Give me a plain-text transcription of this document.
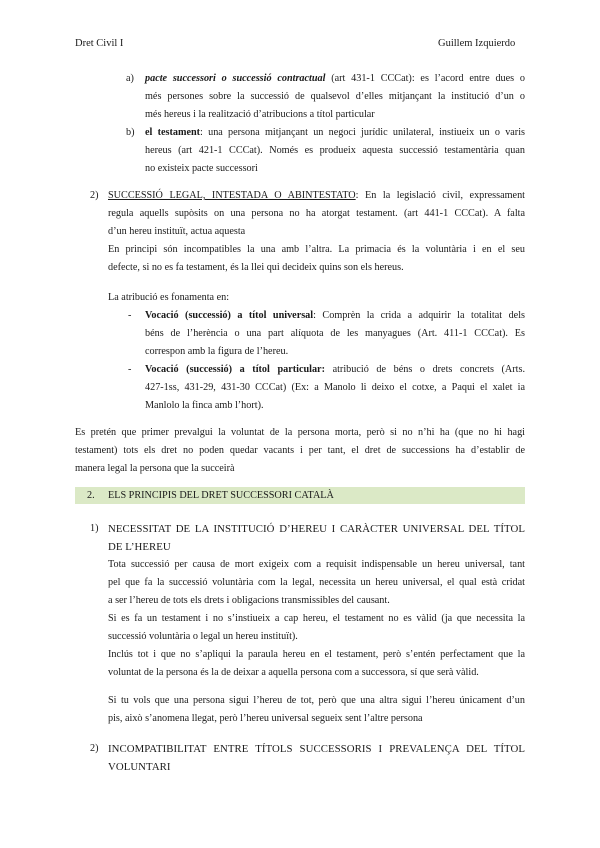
Dret Civil I	Guillem Izquierdo
a) pacte successori o successió contractual (art 431-1 CCCat): es l’acord entre dues o
més persones sobre la successió de qualsevol d’elles mitjançant la institució d’un o
més hereus i la realització d’atribucions a títol particular
b) el testament: una persona mitjançant un negoci jurídic unilateral, instiueix un o varis
hereus (art 421-1 CCCat). Només es produeix aquesta successió testamentària quan
no existeix pacte successori
2) SUCCESSIÓ LEGAL, INTESTADA O ABINTESTATO: En la legislació civil, expressament
regula aquells supòsits on una persona no ha atorgat testament. (art 441-1 CCCat). A falta
d’un hereu instituït, actua aquesta
En principi són incompatibles la una amb l’altra. La primacia és la voluntària i en el seu
defecte, si no es fa testament, és la llei qui decideix quins son els hereus.
La atribució es fonamenta en:
- Vocació (successió) a títol universal: Comprèn la crida a adquirir la totalitat dels
béns de l’herència o una part alíquota de les manyagues (Art. 411-1 CCCat). Es
correspon amb la figura de l’hereu.
- Vocació (successió) a títol particular: atribució de béns o drets concrets (Arts.
427-1ss, 431-29, 431-30 CCCat) (Ex: a Manolo li deixo el cotxe, a Paqui el xalet ia
Manlolo la finca amb l’hort).
Es pretén que primer prevalgui la voluntat de la persona morta, però si no n’hi ha (que no hi hagi
testament) tots els dret no poden quedar vacants i per tant, el dret de successions ha d’establir de
manera legal la persona que la succeirà
2. ELS PRINCIPIS DEL DRET SUCCESSORI CATALÀ
1) NECESSITAT DE LA INSTITUCIÓ D’HEREU I CARÀCTER UNIVERSAL DEL TÍTOL
DE L’HEREU
Tota successió per causa de mort exigeix com a requisit indispensable un hereu universal, tant
pel que fa la successió voluntària com la legal, necessita un hereu universal, el qual està cridat
a ser l’hereu de tots els drets i obligacions transmissibles del causant.
Si es fa un testament i no s’instiueix a cap hereu, el testament no es vàlid (ja que necessita la
successió voluntària o legal un hereu instituït).
Inclús tot i que no s’apliqui la paraula hereu en el testament, però s’entén perfectament que la
voluntat de la persona és la de deixar a aquella persona com a successora, sí que serà vàlid.
Si tu vols que una persona sigui l’hereu de tot, però que una altra sigui l’hereu únicament d’un
pis, això s’anomena llegat, però l’hereu universal segueix sent l’altre persona
2) INCOMPATIBILITAT ENTRE TÍTOLS SUCCESSORIS I PREVALENÇA DEL TÍTOL
VOLUNTARI
